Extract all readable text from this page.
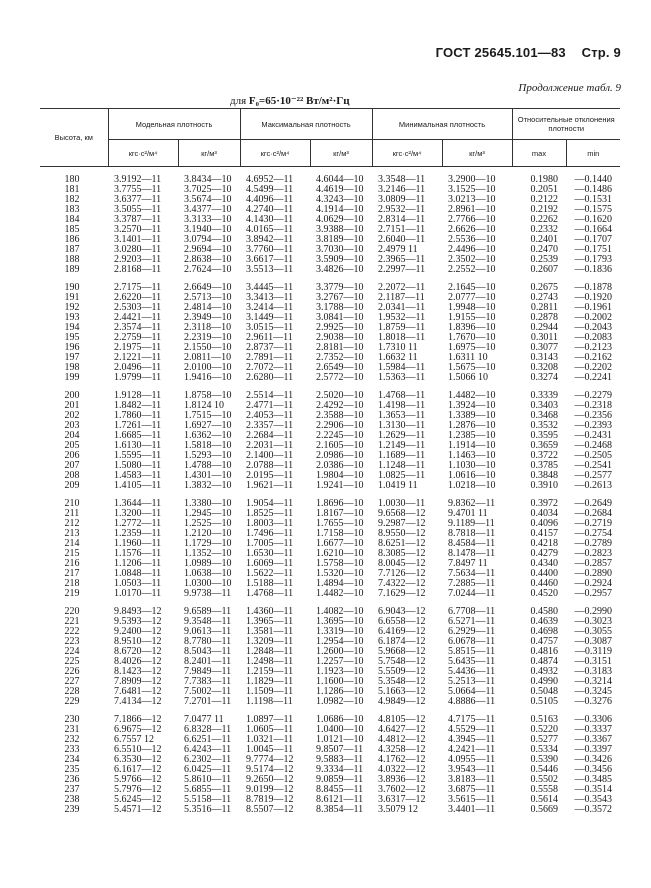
ГОСТ 25645.101—83 Стр. 9
Продолжение табл. 9
для F₀=65·10⁻²² Вт/м²·Гц
Высота, км	Модельная плотность		Максимальная плотность		Минимальная плотность		Относительные отклонения плотности	
	кгс·с²/м⁴	кг/м³	кгс·с²/м⁴	кг/м³	кгс·с²/м⁴	кг/м³	max	min

180	3.9192—11	3.8434—10	4.6952—11	4.6044—10	3.3548—11	3.2900—10	0.1980	—0.1440
181	3.7755—11	3.7025—10	4.5499—11	4.4619—10	3.2146—11	3.1525—10	0.2051	—0.1486
182	3.6377—11	3.5674—10	4.4096—11	4.3243—10	3.0809—11	3.0213—10	0.2122	—0.1531
183	3.5055—11	3.4377—10	4.2740—11	4.1914—10	2.9532—11	2.8961—10	0.2192	—0.1575
184	3.3787—11	3.3133—10	4.1430—11	4.0629—10	2.8314—11	2.7766—10	0.2262	—0.1620
185	3.2570—11	3.1940—10	4.0165—11	3.9388—10	2.7151—11	2.6626—10	0.2332	—0.1664
186	3.1401—11	3.0794—10	3.8942—11	3.8189—10	2.6040—11	2.5536—10	0.2401	—0.1707
187	3.0280—11	2.9694—10	3.7760—11	3.7030—10	2.4979 11	2.4496—10	0.2470	—0.1751
188	2.9203—11	2.8638—10	3.6617—11	3.5909—10	2.3965—11	2.3502—10	0.2539	—0.1793
189	2.8168—11	2.7624—10	3.5513—11	3.4826—10	2.2997—11	2.2552—10	0.2607	—0.1836

190	2.7175—11	2.6649—10	3.4445—11	3.3779—10	2.2072—11	2.1645—10	0.2675	—0.1878
191	2.6220—11	2.5713—10	3.3413—11	3.2767—10	2.1187—11	2.0777—10	0.2743	—0.1920
192	2.5303—11	2.4814—10	3.2414—11	3.1788—10	2.0341—11	1.9948—10	0.2811	—0.1961
193	2.4421—11	2.3949—10	3.1449—11	3.0841—10	1.9532—11	1.9155—10	0.2878	—0.2002
194	2.3574—11	2.3118—10	3.0515—11	2.9925—10	1.8759—11	1.8396—10	0.2944	—0.2043
195	2.2759—11	2.2319—10	2.9611—11	2.9038—10	1.8018—11	1.7670—10	0.3011	—0.2083
196	2.1975—11	2.1550—10	2.8737—11	2.8181—10	1.7310 11	1.6975—10	0.3077	—0.2123
197	2.1221—11	2.0811—10	2.7891—11	2.7352—10	1.6632 11	1.6311 10	0.3143	—0.2162
198	2.0496—11	2.0100—10	2.7072—11	2.6549—10	1.5984—11	1.5675—10	0.3208	—0.2202
199	1.9799—11	1.9416—10	2.6280—11	2.5772—10	1.5363—11	1.5066 10	0.3274	—0.2241

200	1.9128—11	1.8758—10	2.5514—11	2.5020—10	1.4768—11	1.4482—10	0.3339	—0.2279
201	1.8482—11	1.8124 10	2.4771—11	2.4292—10	1.4198—11	1.3924—10	0.3403	—0.2318
202	1.7860—11	1.7515—10	2.4053—11	2.3588—10	1.3653—11	1.3389—10	0.3468	—0.2356
203	1.7261—11	1.6927—10	2.3357—11	2.2906—10	1.3130—11	1.2876—10	0.3532	—0.2393
204	1.6685—11	1.6362—10	2.2684—11	2.2245—10	1.2629—11	1.2385—10	0.3595	—0.2431
205	1.6130—11	1.5818—10	2.2031—11	2.1605—10	1.2149—11	1.1914—10	0.3659	—0.2468
206	1.5595—11	1.5293—10	2.1400—11	2.0986—10	1.1689—11	1.1463—10	0.3722	—0.2505
207	1.5080—11	1.4788—10	2.0788—11	2.0386—10	1.1248—11	1.1030—10	0.3785	—0.2541
208	1.4583—11	1.4301—10	2.0195—11	1.9804—10	1.0825—11	1.0616—10	0.3848	—0.2577
209	1.4105—11	1.3832—10	1.9621—11	1.9241—10	1.0419 11	1.0218—10	0.3910	—0.2613

210	1.3644—11	1.3380—10	1.9054—11	1.8696—10	1.0030—11	9.8362—11	0.3972	—0.2649
211	1.3200—11	1.2945—10	1.8525—11	1.8167—10	9.6568—12	9.4701 11	0.4034	—0.2684
212	1.2772—11	1.2525—10	1.8003—11	1.7655—10	9.2987—12	9.1189—11	0.4096	—0.2719
213	1.2359—11	1.2120—10	1.7496—11	1.7158—10	8.9550—12	8.7818—11	0.4157	—0.2754
214	1.1960—11	1.1729—10	1.7005—11	1.6677—10	8.6251—12	8.4584—11	0.4218	—0.2789
215	1.1576—11	1.1352—10	1.6530—11	1.6210—10	8.3085—12	8.1478—11	0.4279	—0.2823
216	1.1206—11	1.0989—10	1.6069—11	1.5758—10	8.0045—12	7.8497 11	0.4340	—0.2857
217	1.0848—11	1.0638—10	1.5622—11	1.5320—10	7.7126—12	7.5634—11	0.4400	—0.2890
218	1.0503—11	1.0300—10	1.5188—11	1.4894—10	7.4322—12	7.2885—11	0.4460	—0.2924
219	1.0170—11	9.9738—11	1.4768—11	1.4482—10	7.1629—12	7.0244—11	0.4520	—0.2957

220	9.8493—12	9.6589—11	1.4360—11	1.4082—10	6.9043—12	6.7708—11	0.4580	—0.2990
221	9.5393—12	9.3548—11	1.3965—11	1.3695—10	6.6558—12	6.5271—11	0.4639	—0.3023
222	9.2400—12	9.0613—11	1.3581—11	1.3319—10	6.4169—12	6.2929—11	0.4698	—0.3055
223	8.9510—12	8.7780—11	1.3209—11	1.2954—10	6.1874—12	6.0678—11	0.4757	—0.3087
224	8.6720—12	8.5043—11	1.2848—11	1.2600—10	5.9668—12	5.8515—11	0.4816	—0.3119
225	8.4026—12	8.2401—11	1.2498—11	1.2257—10	5.7548—12	5.6435—11	0.4874	—0.3151
226	8.1423—12	7.9849—11	1.2159—11	1.1923—10	5.5509—12	5.4436—11	0.4932	—0.3183
227	7.8909—12	7.7383—11	1.1829—11	1.1600—10	5.3548—12	5.2513—11	0.4990	—0.3214
228	7.6481—12	7.5002—11	1.1509—11	1.1286—10	5.1663—12	5.0664—11	0.5048	—0.3245
229	7.4134—12	7.2701—11	1.1198—11	1.0982—10	4.9849—12	4.8886—11	0.5105	—0.3276

230	7.1866—12	7.0477 11	1.0897—11	1.0686—10	4.8105—12	4.7175—11	0.5163	—0.3306
231	6.9675—12	6.8328—11	1.0605—11	1.0400—10	4.6427—12	4.5529—11	0.5220	—0.3337
232	6.7557 12	6.6251—11	1.0321—11	1.0121—10	4.4812—12	4.3945—11	0.5277	—0.3367
233	6.5510—12	6.4243—11	1.0045—11	9.8507—11	4.3258—12	4.2421—11	0.5334	—0.3397
234	6.3530—12	6.2302—11	9.7774—12	9.5883—11	4.1762—12	4.0955—11	0.5390	—0.3426
235	6.1617—12	6.0425—11	9.5174—12	9.3334—11	4.0322—12	3.9543—11	0.5446	—0.3456
236	5.9766—12	5.8610—11	9.2650—12	9.0859—11	3.8936—12	3.8183—11	0.5502	—0.3485
237	5.7976—12	5.6855—11	9.0199—12	8.8455—11	3.7602—12	3.6875—11	0.5558	—0.3514
238	5.6245—12	5.5158—11	8.7819—12	8.6121—11	3.6317—12	3.5615—11	0.5614	—0.3543
239	5.4571—12	5.3516—11	8.5507—12	8.3854—11	3.5079 12	3.4401—11	0.5669	—0.3572
